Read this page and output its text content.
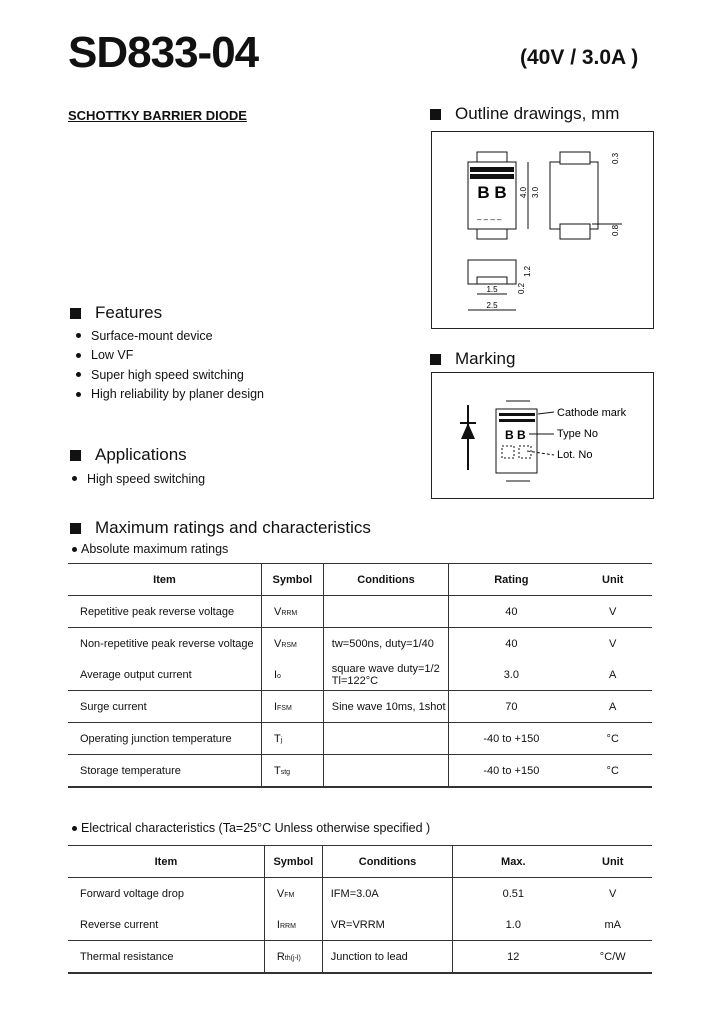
SD833-04	(40V / 3.0A )
SCHOTTKY BARRIER DIODE	Outline drawings, mm
B B
– – – –
4.0 3.0
0.3
0.8
1.2
0.2
1.5
2.5
Marking
B B
Cathode mark
Type No
Lot. No
Features
Surface-mount device
Low VF
Super high speed switching
High reliability by planer design
Applications
High speed switching
Maximum ratings and characteristics
Absolute maximum ratings
Item	Symbol	Conditions	Rating	Unit
Repetitive peak reverse voltage	VRRM		40	V
Non-repetitive peak reverse voltage	VRSM	tw=500ns, duty=1/40	40	V
Average output current	Io	square wave duty=1/2 Tl=122°C	3.0	A
Surge current	IFSM	Sine wave 10ms, 1shot	70	A
Operating junction temperature	Tj		-40 to +150	°C
Storage temperature	Tstg		-40 to +150	°C
Electrical characteristics (Ta=25°C Unless otherwise specified )
Item	Symbol	Conditions	Max.	Unit
Forward voltage drop	VFM	IFM=3.0A	0.51	V
Reverse current	IRRM	VR=VRRM	1.0	mA
Thermal resistance	Rth(j-l)	Junction to lead	12	°C/W
